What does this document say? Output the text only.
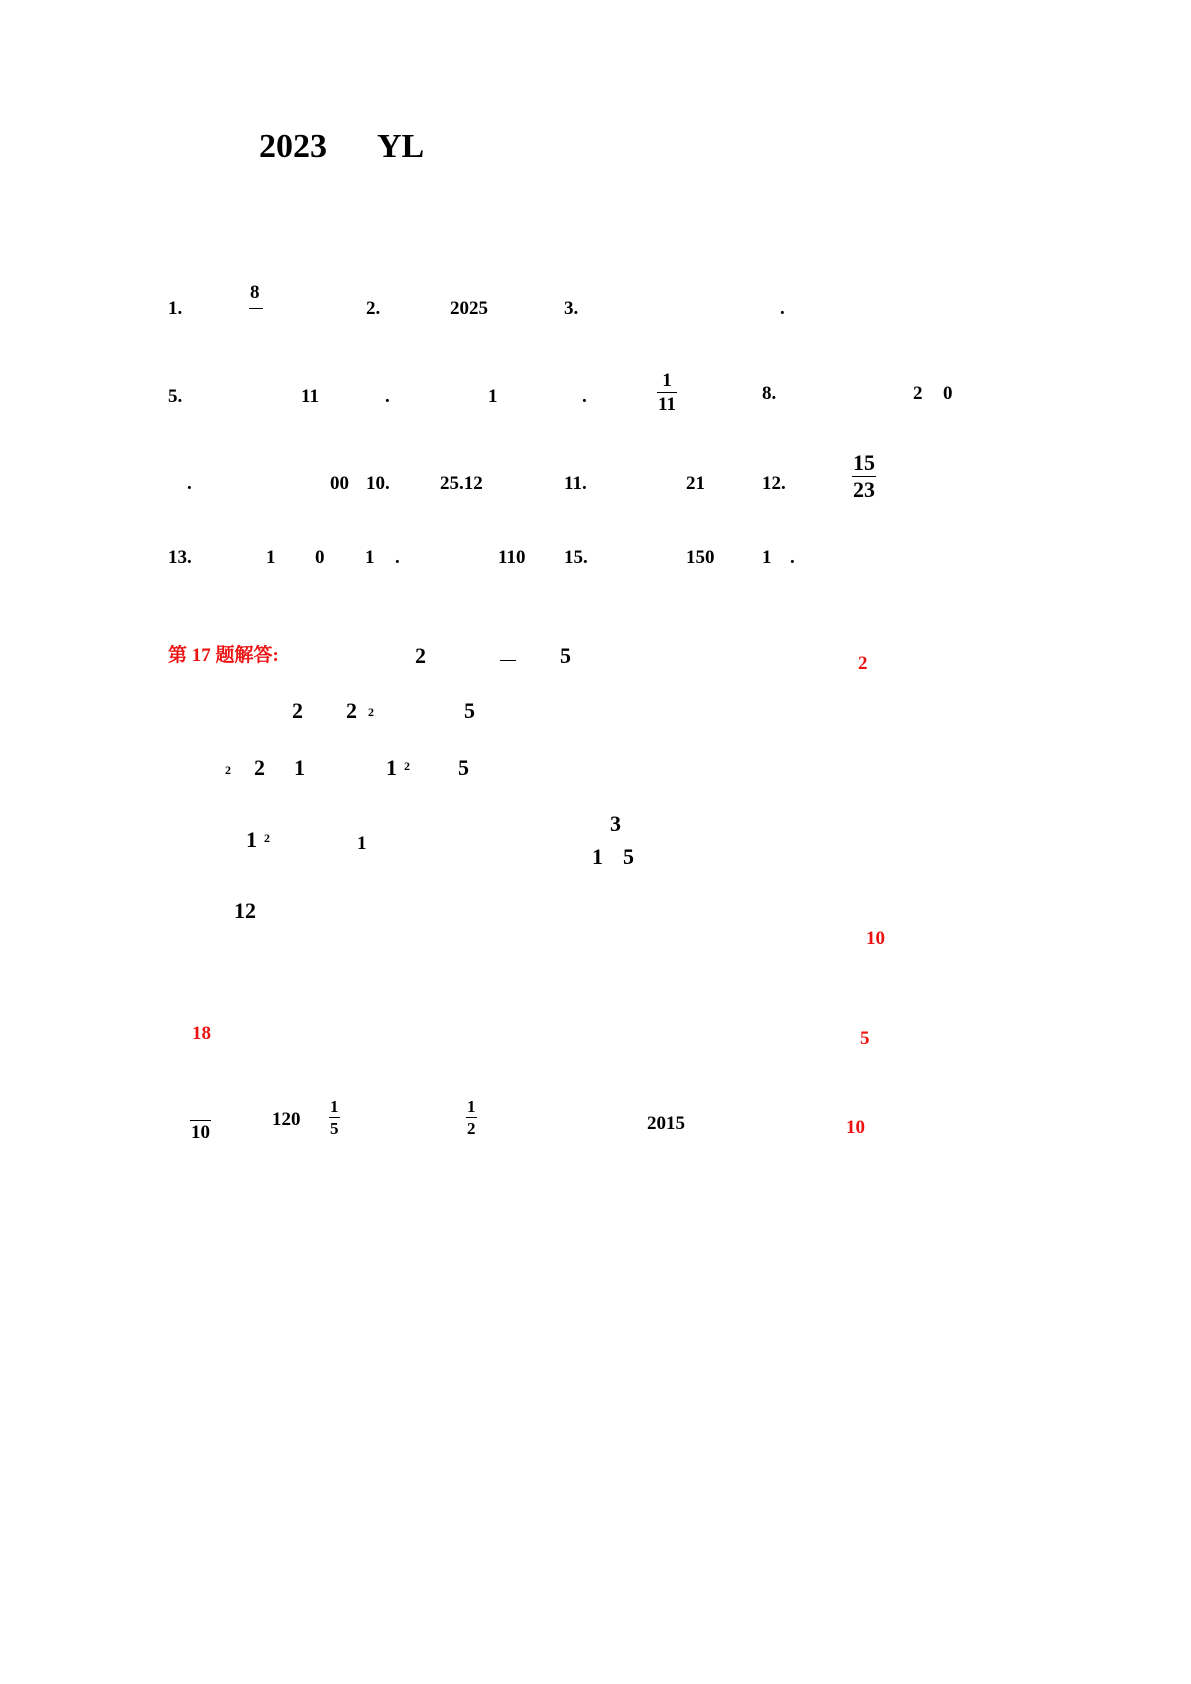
2023 YL
1.
8
2.	2025	3.	.
5.	11	.	1	.
1
11
8.	2 0
.	00 10.	25.12	11.	21	12.
15
23
13.	1 0 1 .	110 15.	150	1 .
第 17 题解答:	2	5	2
2 2 2	5
2 2 1	1 2 5
1 2	1
3
1 5
12
10
18	5
10
120
1
5
1
2	2015	10
